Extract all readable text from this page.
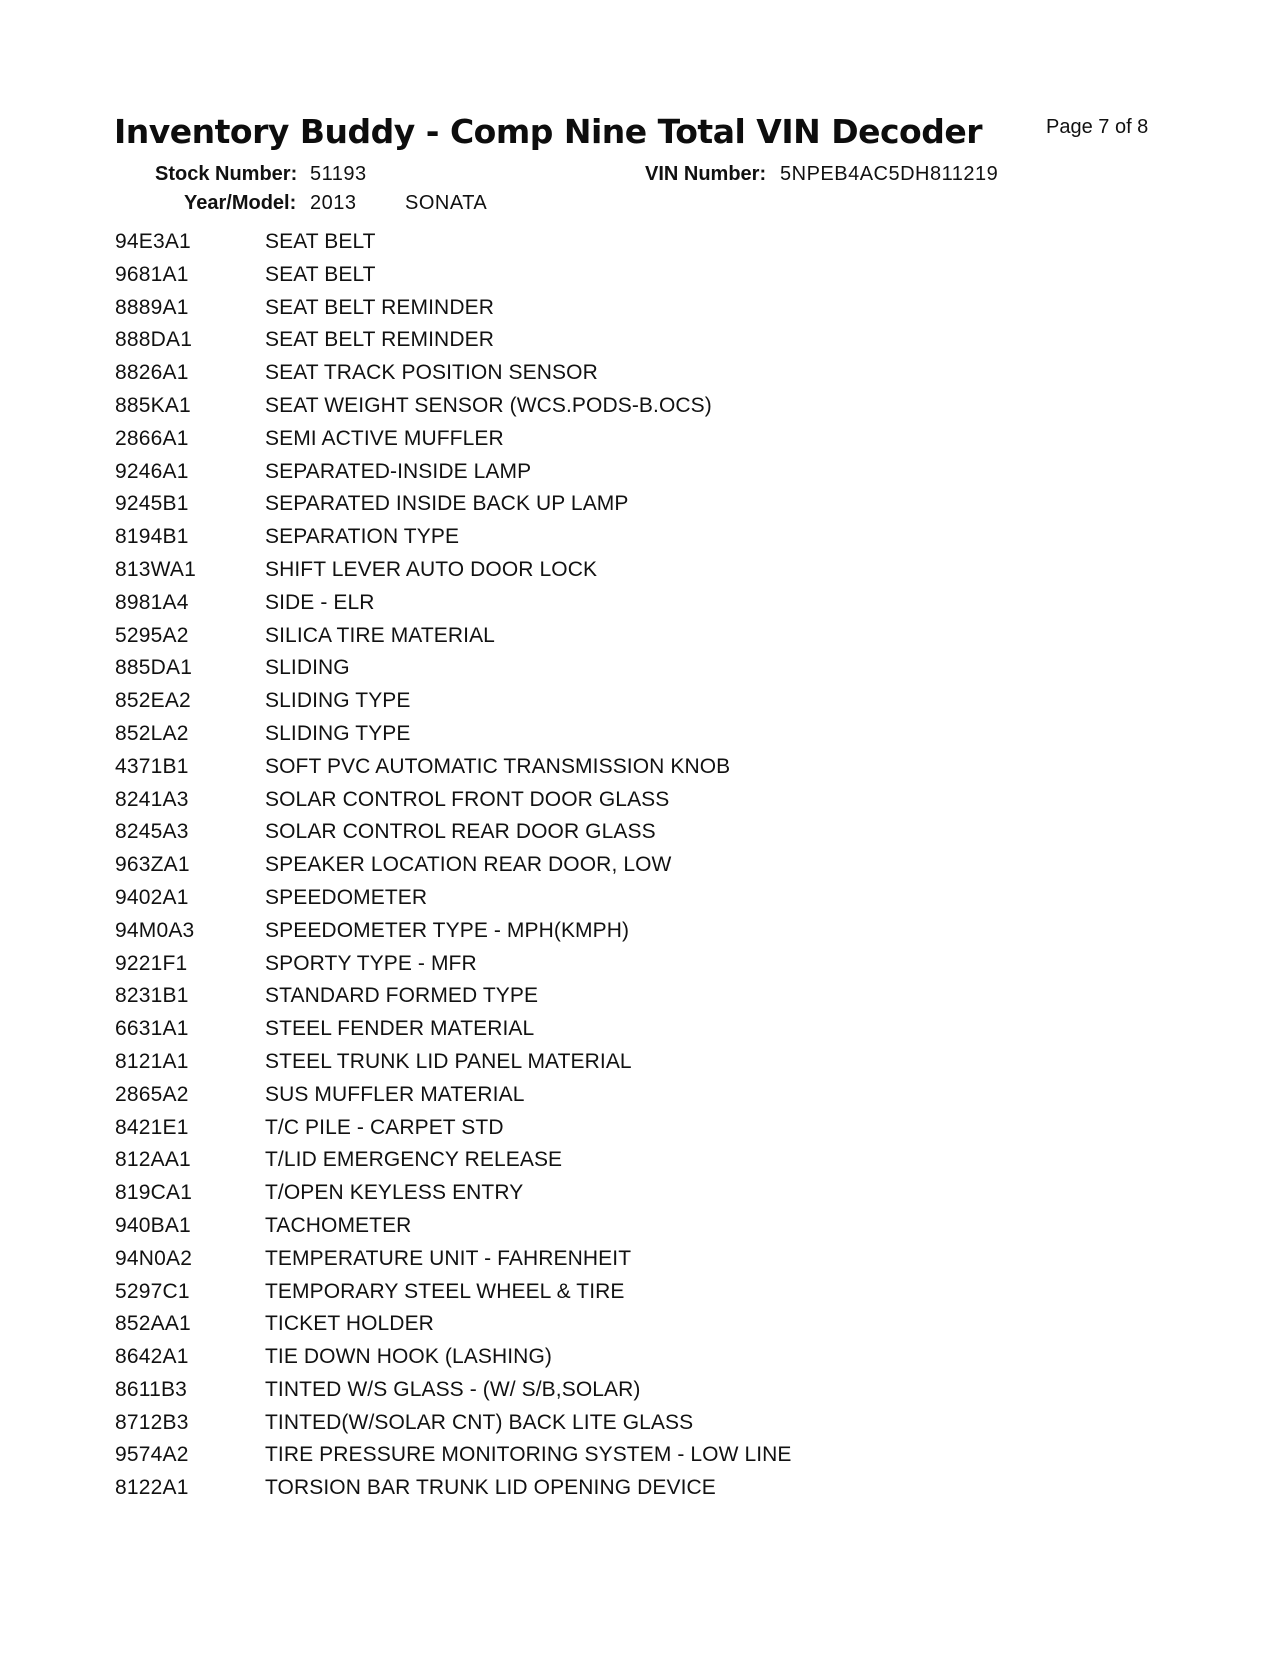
Inventory Buddy - Comp Nine Total VIN Decoder	Page 7 of 8
Stock Number: 51193	VIN Number: 5NPEB4AC5DH811219
Year/Model: 2013 SONATA
94E3A1	SEAT BELT
9681A1	SEAT BELT
8889A1	SEAT BELT REMINDER
888DA1	SEAT BELT REMINDER
8826A1	SEAT TRACK POSITION SENSOR
885KA1	SEAT WEIGHT SENSOR (WCS.PODS-B.OCS)
2866A1	SEMI ACTIVE MUFFLER
9246A1	SEPARATED-INSIDE LAMP
9245B1	SEPARATED INSIDE BACK UP LAMP
8194B1	SEPARATION TYPE
813WA1	SHIFT LEVER AUTO DOOR LOCK
8981A4	SIDE - ELR
5295A2	SILICA TIRE MATERIAL
885DA1	SLIDING
852EA2	SLIDING TYPE
852LA2	SLIDING TYPE
4371B1	SOFT PVC AUTOMATIC TRANSMISSION KNOB
8241A3	SOLAR CONTROL FRONT DOOR GLASS
8245A3	SOLAR CONTROL REAR DOOR GLASS
963ZA1	SPEAKER LOCATION REAR DOOR, LOW
9402A1	SPEEDOMETER
94M0A3	SPEEDOMETER TYPE - MPH(KMPH)
9221F1	SPORTY TYPE - MFR
8231B1	STANDARD FORMED TYPE
6631A1	STEEL FENDER MATERIAL
8121A1	STEEL TRUNK LID PANEL MATERIAL
2865A2	SUS MUFFLER MATERIAL
8421E1	T/C PILE - CARPET STD
812AA1	T/LID EMERGENCY RELEASE
819CA1	T/OPEN KEYLESS ENTRY
940BA1	TACHOMETER
94N0A2	TEMPERATURE UNIT - FAHRENHEIT
5297C1	TEMPORARY STEEL WHEEL & TIRE
852AA1	TICKET HOLDER
8642A1	TIE DOWN HOOK (LASHING)
8611B3	TINTED W/S GLASS - (W/ S/B,SOLAR)
8712B3	TINTED(W/SOLAR CNT) BACK LITE GLASS
9574A2	TIRE PRESSURE MONITORING SYSTEM - LOW LINE
8122A1	TORSION BAR TRUNK LID OPENING DEVICE
